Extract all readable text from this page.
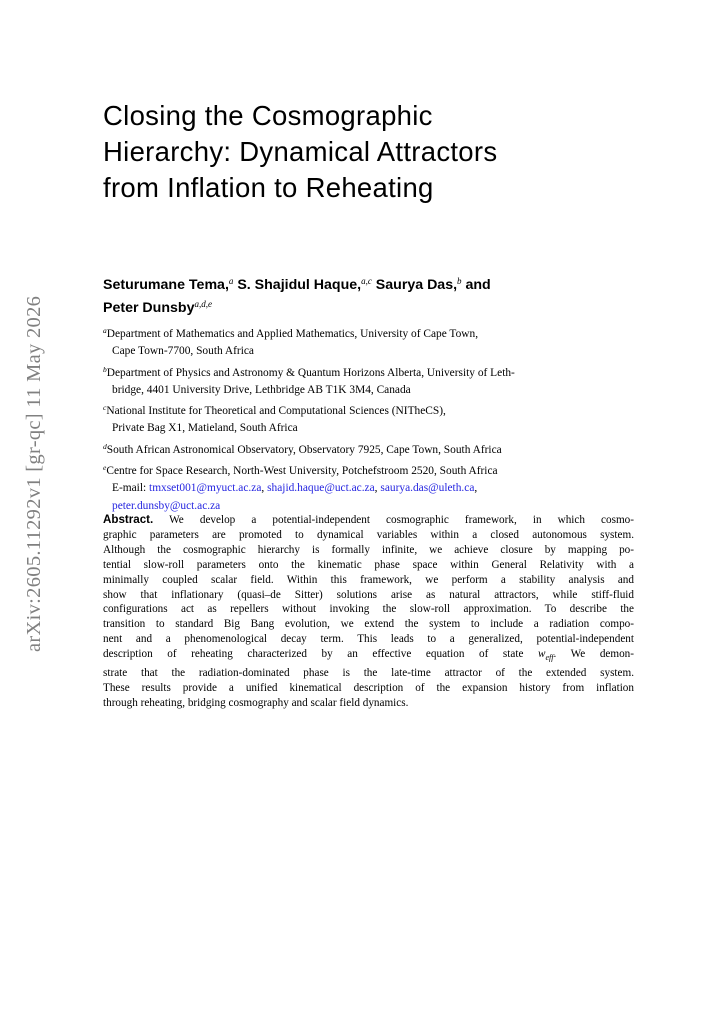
arXiv:2605.11292v1 [gr-qc] 11 May 2026
Closing the Cosmographic
Hierarchy: Dynamical Attractors
from Inflation to Reheating
Seturumane Tema,$^a$ S. Shajidul Haque,$^{a,c}$ Saurya Das,$^b$ and
Peter Dunsby$^{a,d,e}$
$^a$Department of Mathematics and Applied Mathematics, University of Cape Town,
Cape Town-7700, South Africa
$^b$Department of Physics and Astronomy & Quantum Horizons Alberta, University of Leth-
bridge, 4401 University Drive, Lethbridge AB T1K 3M4, Canada
$^c$National Institute for Theoretical and Computational Sciences (NITheCS),
Private Bag X1, Matieland, South Africa
$^d$South African Astronomical Observatory, Observatory 7925, Cape Town, South Africa
$^e$Centre for Space Research, North-West University, Potchefstroom 2520, South Africa
E-mail: tmxset001@myuct.ac.za, shajid.haque@uct.ac.za, saurya.das@uleth.ca,
peter.dunsby@uct.ac.za
Abstract. We develop a potential-independent cosmographic framework, in which cosmo-
graphic parameters are promoted to dynamical variables within a closed autonomous system.
Although the cosmographic hierarchy is formally infinite, we achieve closure by mapping po-
tential slow-roll parameters onto the kinematic phase space within General Relativity with a
minimally coupled scalar field. Within this framework, we perform a stability analysis and
show that inflationary (quasi–de Sitter) solutions arise as natural attractors, while stiff-fluid
configurations act as repellers without invoking the slow-roll approximation. To describe the
transition to standard Big Bang evolution, we extend the system to include a radiation compo-
nent and a phenomenological decay term. This leads to a generalized, potential-independent
description of reheating characterized by an effective equation of state $w_{eff}$. We demon-
strate that the radiation-dominated phase is the late-time attractor of the extended system.
These results provide a unified kinematical description of the expansion history from inflation
through reheating, bridging cosmography and scalar field dynamics.
